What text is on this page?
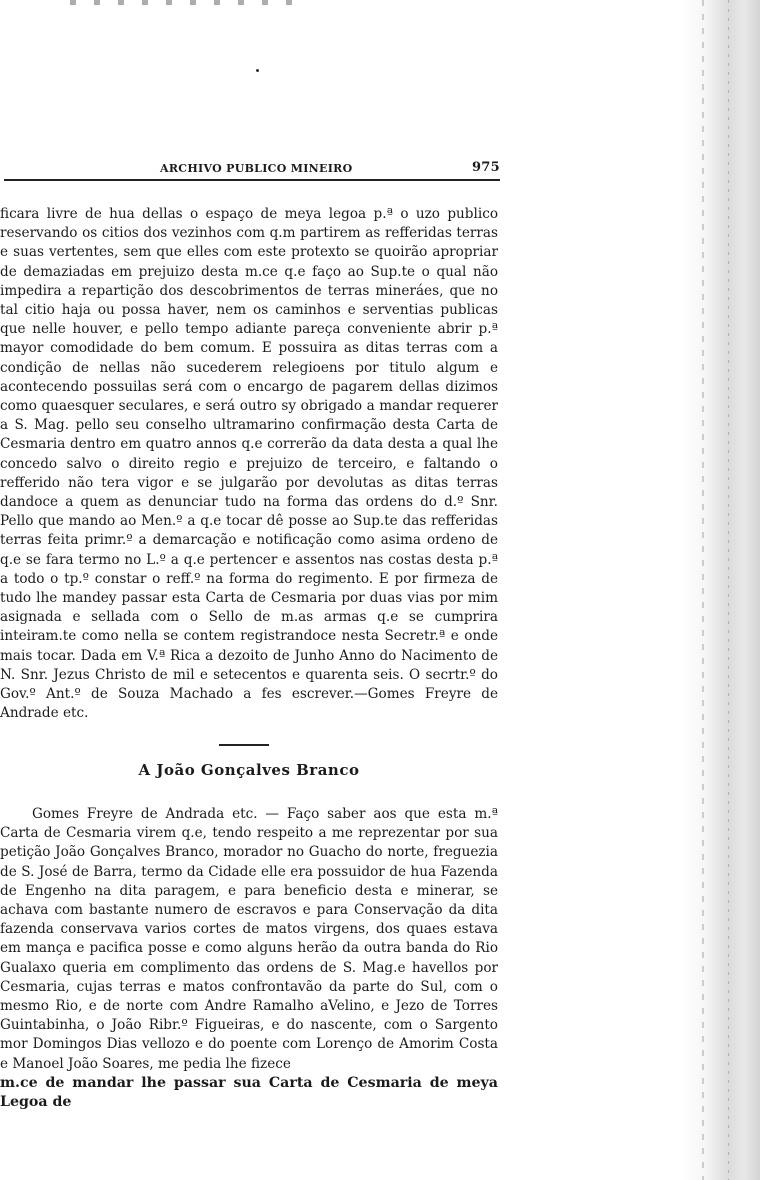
ARCHIVO PUBLICO MINEIRO	975

ficara livre de hua dellas o espaço de meya legoa p.ª o uzo publico reservando os citios dos vezinhos com q.m partirem as refferidas terras e suas vertentes, sem que elles com este protexto se quoirão apropriar de demaziadas em prejuizo desta m.ce q.e faço ao Sup.te o qual não impedira a repartição dos descobrimentos de terras mineráes, que no tal citio haja ou possa haver, nem os caminhos e serventias publicas que nelle houver, e pello tempo adiante pareça conveniente abrir p.ª mayor comodidade do bem comum. E possuira as ditas terras com a condição de nellas não sucederem relegioens por titulo algum e acontecendo possuilas será com o encargo de pagarem dellas dizimos como quaesquer seculares, e será outro sy obrigado a mandar requerer a S. Mag. pello seu conselho ultramarino confirmação desta Carta de Cesmaria dentro em quatro annos q.e correrão da data desta a qual lhe concedo salvo o direito regio e prejuizo de terceiro, e faltando o refferido não tera vigor e se julgarão por devolutas as ditas terras dandoce a quem as denunciar tudo na forma das ordens do d.º Snr. Pello que mando ao Men.º a q.e tocar dê posse ao Sup.te das refferidas terras feita primr.º a demarcação e notificação como asima ordeno de q.e se fara termo no L.º a q.e pertencer e assentos nas costas desta p.ª a todo o tp.º constar o reff.º na forma do regimento. E por firmeza de tudo lhe mandey passar esta Carta de Cesmaria por duas vias por mim asignada e sellada com o Sello de m.as armas q.e se cumprira inteiram.te como nella se contem registrandoce nesta Secretr.ª e onde mais tocar. Dada em V.ª Rica a dezoito de Junho Anno do Nacimento de N. Snr. Jezus Christo de mil e setecentos e quarenta seis. O secrtr.º do Gov.º Ant.º de Souza Machado a fes escrever.—Gomes Freyre de Andrade etc.

A João Gonçalves Branco

Gomes Freyre de Andrada etc. — Faço saber aos que esta m.ª Carta de Cesmaria virem q.e, tendo respeito a me reprezentar por sua petição João Gonçalves Branco, morador no Guacho do norte, freguezia de S. José de Barra, termo da Cidade elle era possuidor de hua Fazenda de Engenho na dita paragem, e para beneficio desta e minerar, se achava com bastante numero de escravos e para Conservação da dita fazenda conservava varios cortes de matos virgens, dos quaes estava em mança e pacifica posse e como alguns herão da outra banda do Rio Gualaxo queria em complimento das ordens de S. Mag.e havellos por Cesmaria, cujas terras e matos confrontavão da parte do Sul, com o mesmo Rio, e de norte com Andre Ramalho aVelino, e Jezo de Torres Guintabinha, o João Ribr.º Figueiras, e do nascente, com o Sargento mor Domingos Dias vellozo e do poente com Lorenço de Amorim Costa e Manoel João Soares, me pedia lhe fizece

m.ce de mandar lhe passar sua Carta de Cesmaria de meya Legoa de
